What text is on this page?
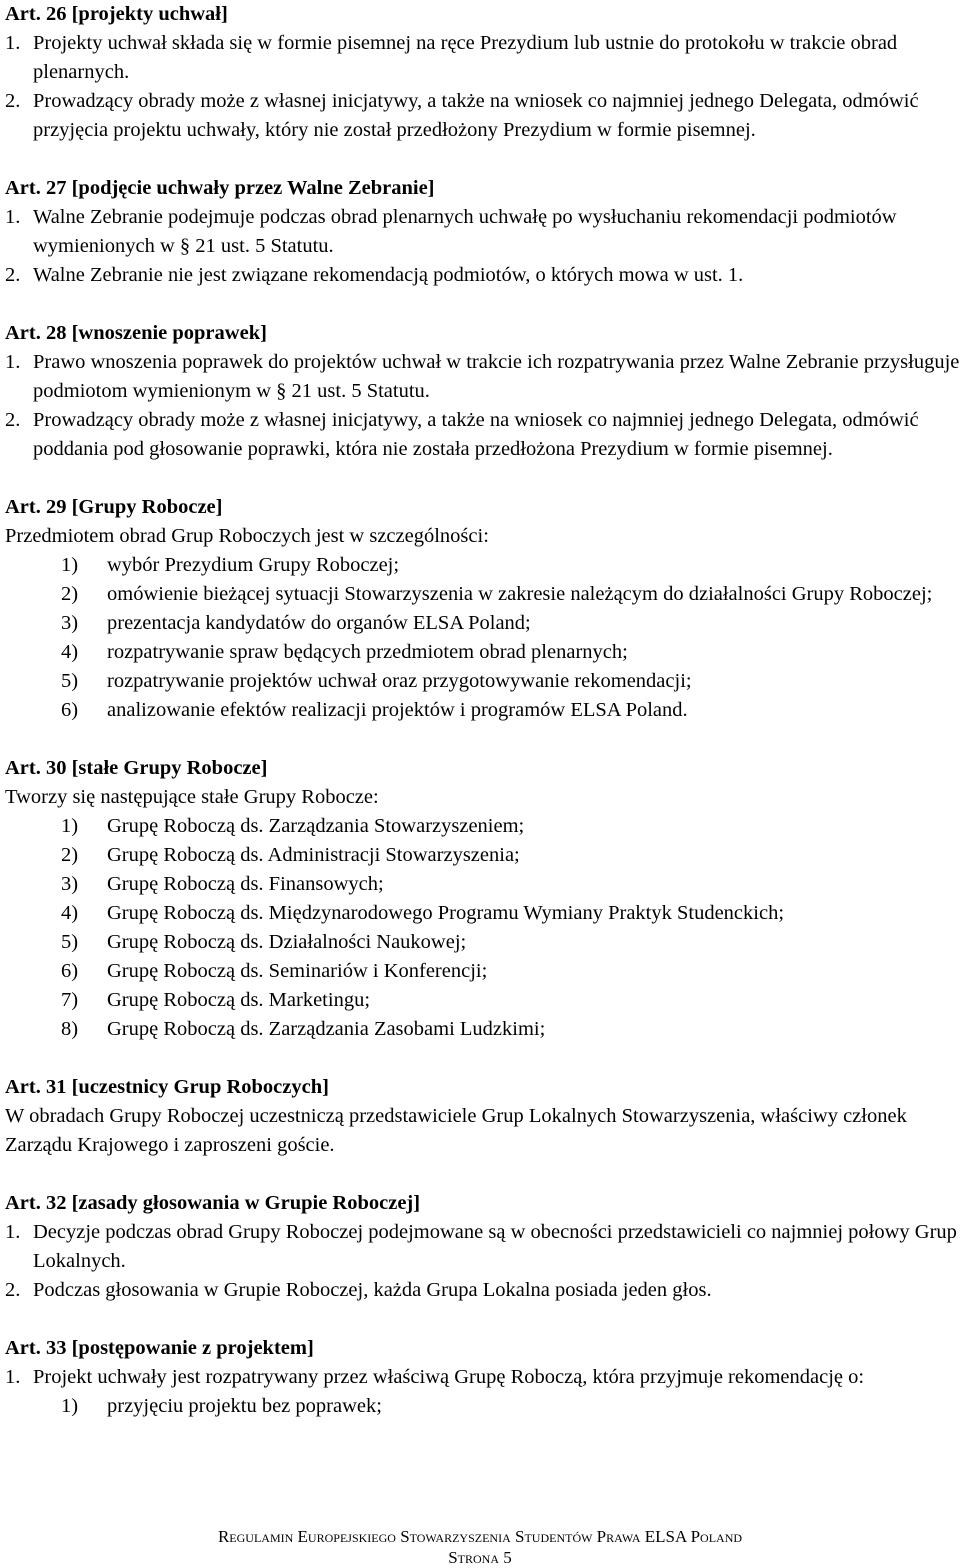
Art. 26 [projekty uchwał]
1. Projekty uchwał składa się w formie pisemnej na ręce Prezydium lub ustnie do protokołu w trakcie obrad plenarnych.
2. Prowadzący obrady może z własnej inicjatywy, a także na wniosek co najmniej jednego Delegata, odmówić przyjęcia projektu uchwały, który nie został przedłożony Prezydium w formie pisemnej.
Art. 27 [podjęcie uchwały przez Walne Zebranie]
1. Walne Zebranie podejmuje podczas obrad plenarnych uchwałę po wysłuchaniu rekomendacji podmiotów wymienionych w § 21 ust. 5 Statutu.
2. Walne Zebranie nie jest związane rekomendacją podmiotów, o których mowa w ust. 1.
Art. 28 [wnoszenie poprawek]
1. Prawo wnoszenia poprawek do projektów uchwał w trakcie ich rozpatrywania przez Walne Zebranie przysługuje podmiotom wymienionym w § 21 ust. 5 Statutu.
2. Prowadzący obrady może z własnej inicjatywy, a także na wniosek co najmniej jednego Delegata, odmówić poddania pod głosowanie poprawki, która nie została przedłożona Prezydium w formie pisemnej.
Art. 29 [Grupy Robocze]
Przedmiotem obrad Grup Roboczych jest w szczególności:
1) wybór Prezydium Grupy Roboczej;
2) omówienie bieżącej sytuacji Stowarzyszenia w zakresie należącym do działalności Grupy Roboczej;
3) prezentacja kandydatów do organów ELSA Poland;
4) rozpatrywanie spraw będących przedmiotem obrad plenarnych;
5) rozpatrywanie projektów uchwał oraz przygotowywanie rekomendacji;
6) analizowanie efektów realizacji projektów i programów ELSA Poland.
Art. 30 [stałe Grupy Robocze]
Tworzy się następujące stałe Grupy Robocze:
1) Grupę Roboczą ds. Zarządzania Stowarzyszeniem;
2) Grupę Roboczą ds. Administracji Stowarzyszenia;
3) Grupę Roboczą ds. Finansowych;
4) Grupę Roboczą ds. Międzynarodowego Programu Wymiany Praktyk Studenckich;
5) Grupę Roboczą ds. Działalności Naukowej;
6) Grupę Roboczą ds. Seminariów i Konferencji;
7) Grupę Roboczą ds. Marketingu;
8) Grupę Roboczą ds. Zarządzania Zasobami Ludzkimi;
Art. 31 [uczestnicy Grup Roboczych]
W obradach Grupy Roboczej uczestniczą przedstawiciele Grup Lokalnych Stowarzyszenia, właściwy członek Zarządu Krajowego i zaproszeni goście.
Art. 32 [zasady głosowania w Grupie Roboczej]
1. Decyzje podczas obrad Grupy Roboczej podejmowane są w obecności przedstawicieli co najmniej połowy Grup Lokalnych.
2. Podczas głosowania w Grupie Roboczej, każda Grupa Lokalna posiada jeden głos.
Art. 33 [postępowanie z projektem]
1. Projekt uchwały jest rozpatrywany przez właściwą Grupę Roboczą, która przyjmuje rekomendację o:
1) przyjęciu projektu bez poprawek;
Regulamin Europejskiego Stowarzyszenia Studentów Prawa ELSA Poland
Strona 5
